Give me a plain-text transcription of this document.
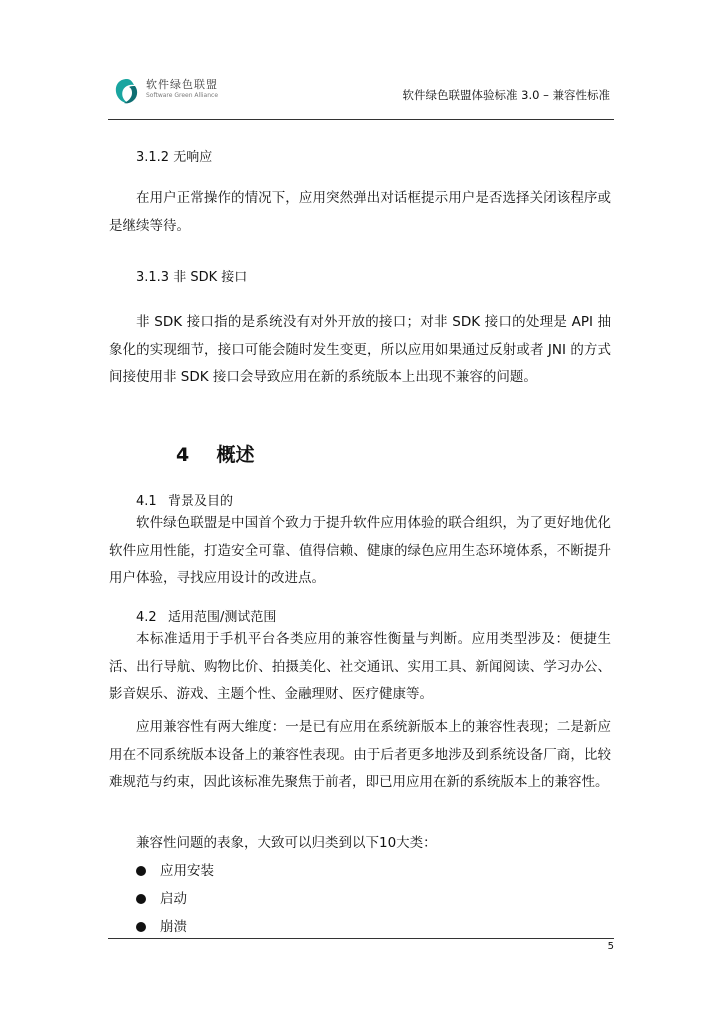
软件绿色联盟
Software Green Alliance	软件绿色联盟体验标准 3.0 – 兼容性标准
3.1.2 无响应
在用户正常操作的情况下，应用突然弹出对话框提示用户是否选择关闭该程序或是继续等待。
3.1.3 非 SDK 接口
非 SDK 接口指的是系统没有对外开放的接口；对非 SDK 接口的处理是 API 抽象化的实现细节，接口可能会随时发生变更，所以应用如果通过反射或者 JNI 的方式间接使用非 SDK 接口会导致应用在新的系统版本上出现不兼容的问题。
4 概述
4.1 背景及目的
软件绿色联盟是中国首个致力于提升软件应用体验的联合组织，为了更好地优化软件应用性能，打造安全可靠、值得信赖、健康的绿色应用生态环境体系，不断提升用户体验，寻找应用设计的改进点。
4.2 适用范围/测试范围
本标准适用于手机平台各类应用的兼容性衡量与判断。应用类型涉及：便捷生活、出行导航、购物比价、拍摄美化、社交通讯、实用工具、新闻阅读、学习办公、影音娱乐、游戏、主题个性、金融理财、医疗健康等。
应用兼容性有两大维度：一是已有应用在系统新版本上的兼容性表现；二是新应用在不同系统版本设备上的兼容性表现。由于后者更多地涉及到系统设备厂商，比较难规范与约束，因此该标准先聚焦于前者，即已用应用在新的系统版本上的兼容性。
兼容性问题的表象，大致可以归类到以下10大类：
应用安装
启动
崩溃
5
